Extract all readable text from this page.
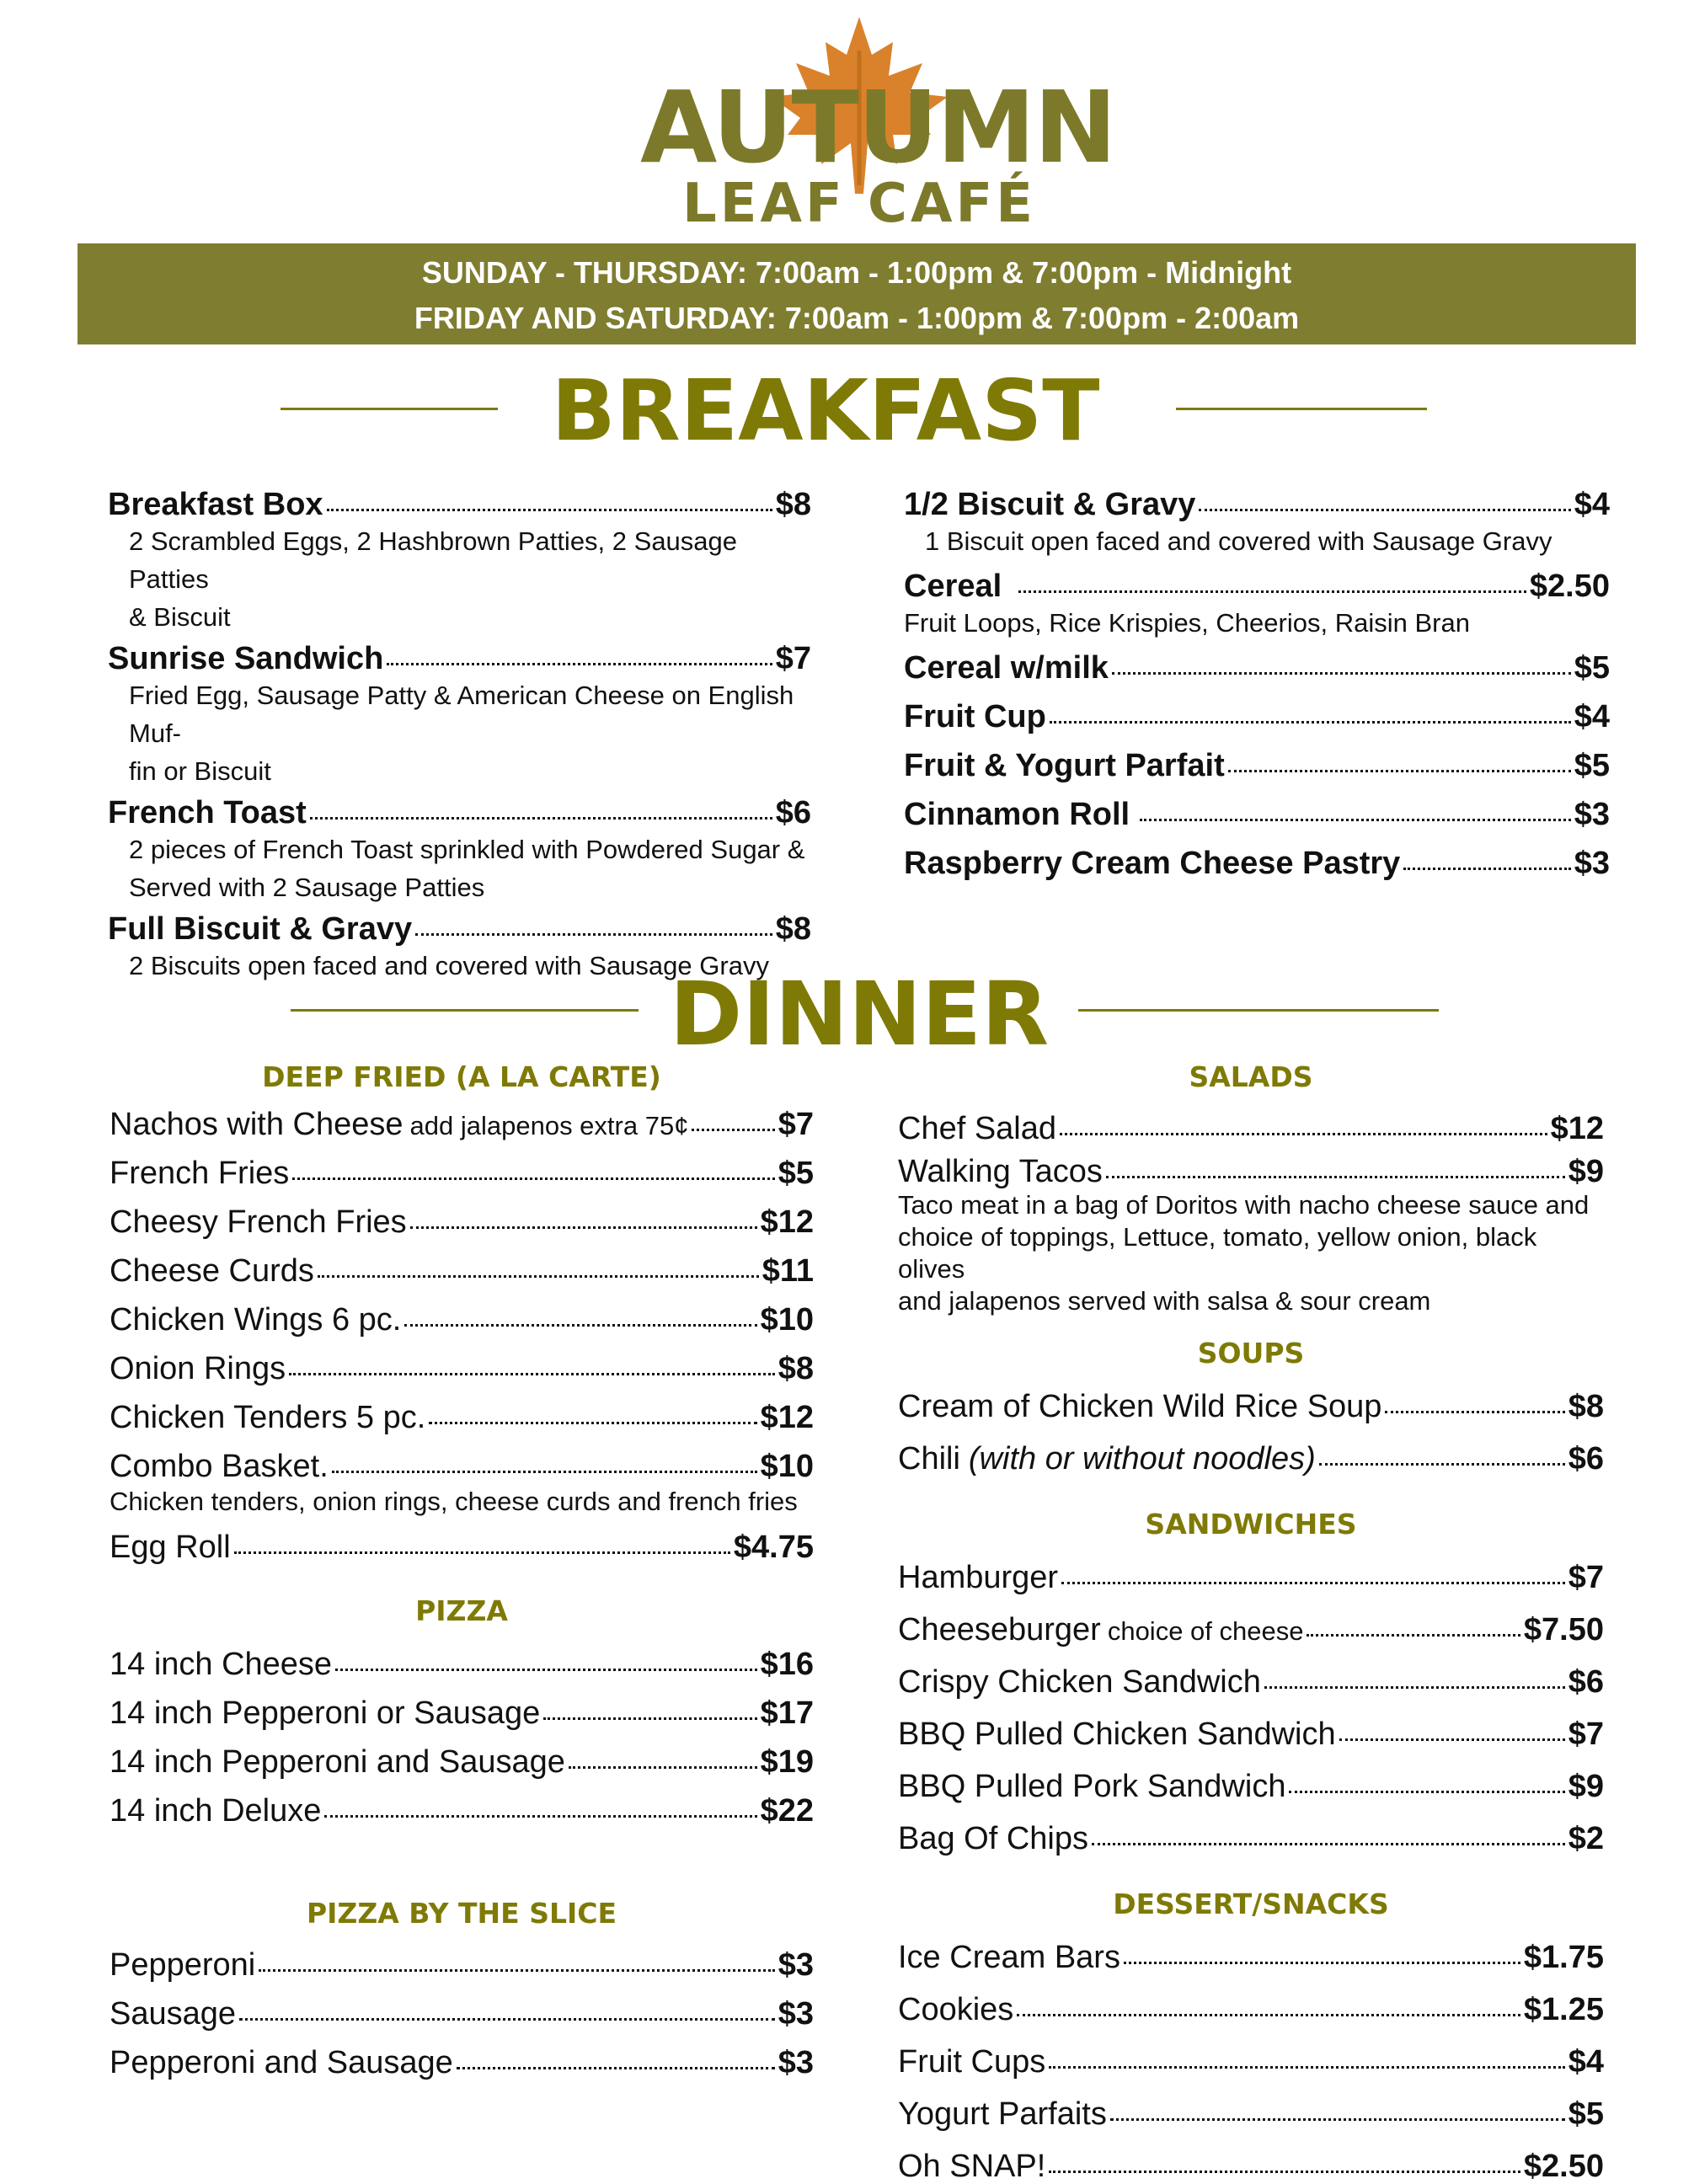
AUTUMN
LEAF CAFÉ
SUNDAY - THURSDAY: 7:00am - 1:00pm & 7:00pm - Midnight
FRIDAY AND SATURDAY: 7:00am - 1:00pm & 7:00pm - 2:00am
BREAKFAST
Breakfast Box	$8
2 Scrambled Eggs, 2 Hashbrown Patties, 2 Sausage Patties
& Biscuit
Sunrise Sandwich	$7
Fried Egg, Sausage Patty & American Cheese on English Muf-
fin or Biscuit
French Toast	$6
2 pieces of French Toast sprinkled with Powdered Sugar &
Served with 2 Sausage Patties
Full Biscuit & Gravy	$8
2 Biscuits open faced and covered with Sausage Gravy
1/2 Biscuit & Gravy	$4
1 Biscuit open faced and covered with Sausage Gravy
Cereal	$2.50
Fruit Loops, Rice Krispies, Cheerios, Raisin Bran
Cereal w/milk	$5
Fruit Cup	$4
Fruit & Yogurt Parfait	$5
Cinnamon Roll	$3
Raspberry Cream Cheese Pastry	$3
DINNER
DEEP FRIED (A LA CARTE)
Nachos with Cheese add jalapenos extra 75¢	$7
French Fries	$5
Cheesy French Fries	$12
Cheese Curds	$11
Chicken Wings 6 pc.	$10
Onion Rings	$8
Chicken Tenders 5 pc.	$12
Combo Basket.	$10
Chicken tenders, onion rings, cheese curds and french fries
Egg Roll	$4.75
PIZZA
14 inch Cheese	$16
14 inch Pepperoni or Sausage	$17
14 inch Pepperoni and Sausage	$19
14 inch Deluxe	$22
PIZZA BY THE SLICE
Pepperoni	$3
Sausage	$3
Pepperoni and Sausage	$3
SALADS
Chef Salad	$12
Walking Tacos	$9
Taco meat in a bag of Doritos with nacho cheese sauce and
choice of toppings, Lettuce, tomato, yellow onion, black olives
and jalapenos served with salsa & sour cream
SOUPS
Cream of Chicken Wild Rice Soup	$8
Chili (with or without noodles)	$6
SANDWICHES
Hamburger	$7
Cheeseburger choice of cheese	$7.50
Crispy Chicken Sandwich	$6
BBQ Pulled Chicken Sandwich	$7
BBQ Pulled Pork Sandwich	$9
Bag Of Chips	$2
DESSERT/SNACKS
Ice Cream Bars	$1.75
Cookies	$1.25
Fruit Cups	$4
Yogurt Parfaits	$5
Oh SNAP!	$2.50
